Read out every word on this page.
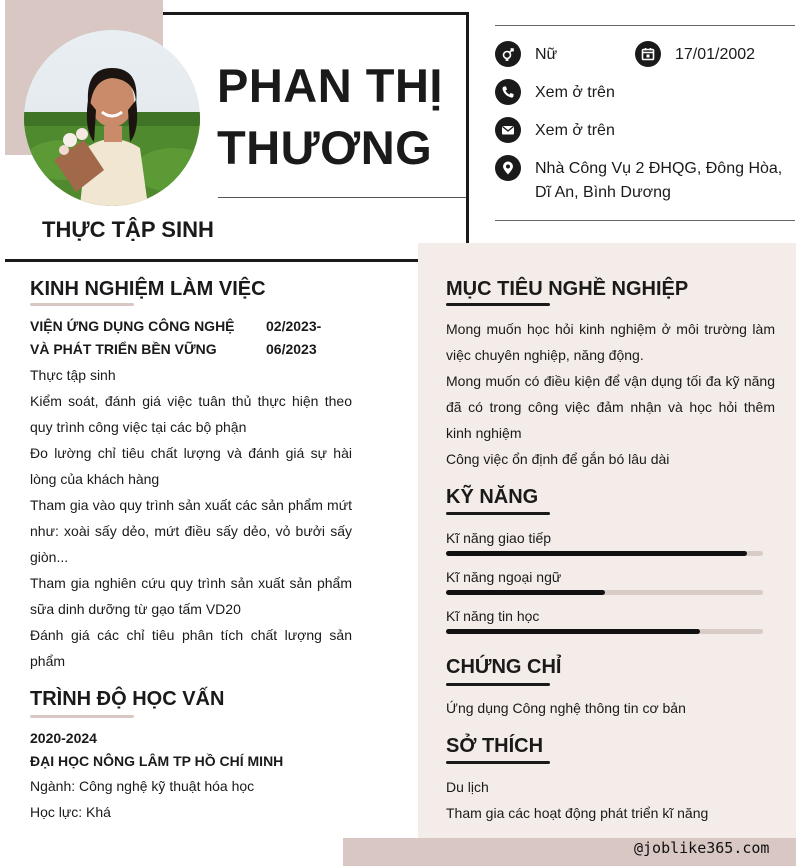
PHAN THỊ
THƯƠNG
THỰC TẬP SINH
Nữ	17/01/2002
Xem ở trên
Xem ở trên
Nhà Công Vụ 2 ĐHQG, Đông Hòa, Dĩ An, Bình Dương
KINH NGHIỆM LÀM VIỆC
VIỆN ỨNG DỤNG CÔNG NGHỆ VÀ PHÁT TRIỂN BỀN VỮNG
02/2023-06/2023
Thực tập sinh
Kiểm soát, đánh giá việc tuân thủ thực hiện theo quy trình công việc tại các bộ phận
Đo lường chỉ tiêu chất lượng và đánh giá sự hài lòng của khách hàng
Tham gia vào quy trình sản xuất các sản phẩm mứt như: xoài sấy dẻo, mứt điều sấy dẻo, vỏ bưởi sấy giòn...
Tham gia nghiên cứu quy trình sản xuất sản phẩm sữa dinh dưỡng từ gạo tấm VD20
Đánh giá các chỉ tiêu phân tích chất lượng sản phẩm
TRÌNH ĐỘ HỌC VẤN
2020-2024
ĐẠI HỌC NÔNG LÂM TP HỒ CHÍ MINH
Ngành: Công nghệ kỹ thuật hóa học
Học lực: Khá
MỤC TIÊU NGHỀ NGHIỆP
Mong muốn học hỏi kinh nghiệm ở môi trường làm việc chuyên nghiệp, năng động.
Mong muốn có điều kiện để vận dụng tối đa kỹ năng đã có trong công việc đảm nhận và học hỏi thêm kinh nghiệm
Công việc ổn định để gắn bó lâu dài
KỸ NĂNG
Kĩ năng giao tiếp
Kĩ năng ngoại ngữ
Kĩ năng tin học
CHỨNG CHỈ
Ứng dụng Công nghệ thông tin cơ bản
SỞ THÍCH
Du lịch
Tham gia các hoạt động phát triển kĩ năng
@joblike365.com
